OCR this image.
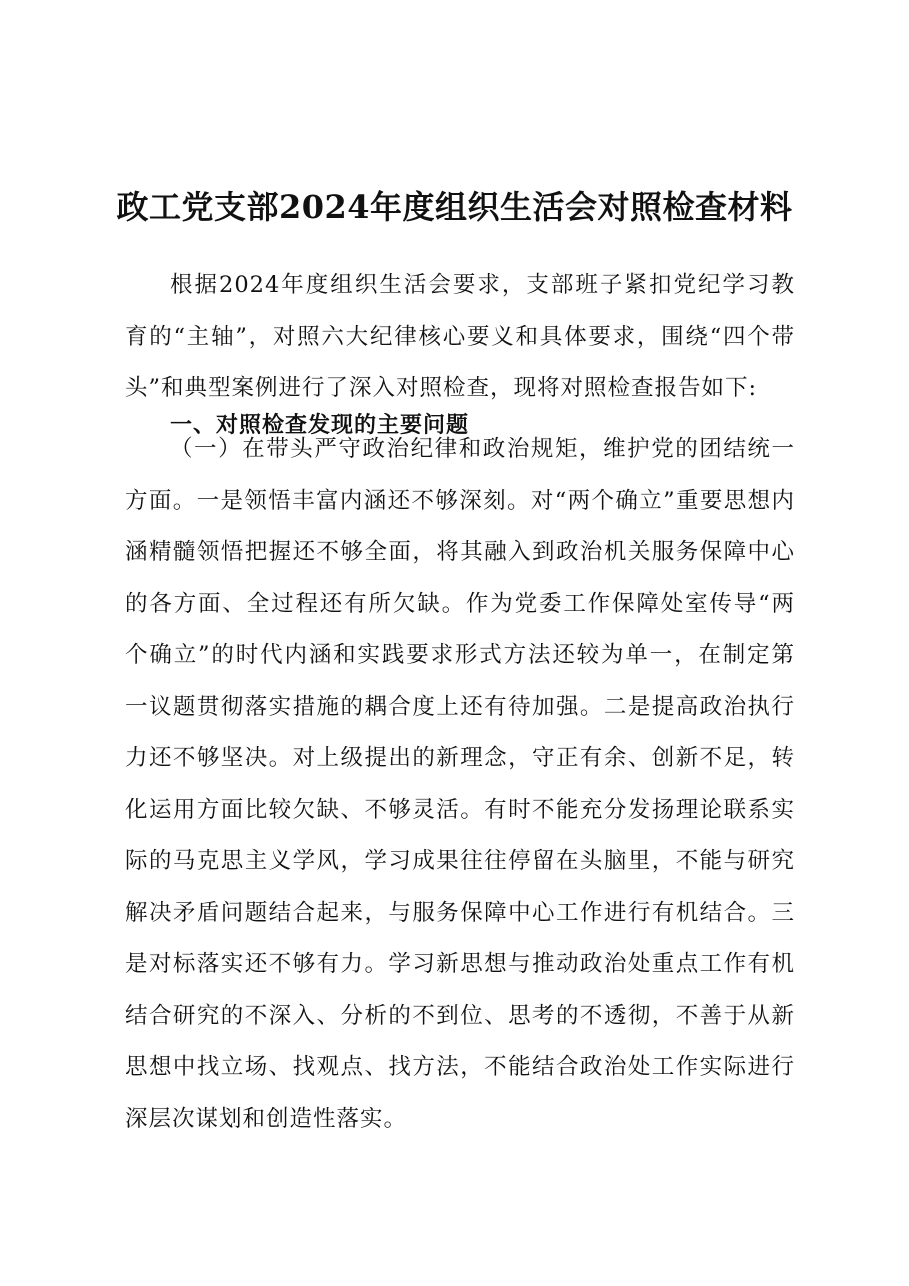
政工党支部2024年度组织生活会对照检查材料

根据2024年度组织生活会要求，支部班子紧扣党纪学习教育的“主轴”，对照六大纪律核心要义和具体要求，围绕“四个带头”和典型案例进行了深入对照检查，现将对照检查报告如下:

一、对照检查发现的主要问题

（一）在带头严守政治纪律和政治规矩，维护党的团结统一方面。一是领悟丰富内涵还不够深刻。对“两个确立”重要思想内涵精髓领悟把握还不够全面，将其融入到政治机关服务保障中心的各方面、全过程还有所欠缺。作为党委工作保障处室传导“两个确立”的时代内涵和实践要求形式方法还较为单一，在制定第一议题贯彻落实措施的耦合度上还有待加强。二是提高政治执行力还不够坚决。对上级提出的新理念，守正有余、创新不足，转化运用方面比较欠缺、不够灵活。有时不能充分发扬理论联系实际的马克思主义学风，学习成果往往停留在头脑里，不能与研究解决矛盾问题结合起来，与服务保障中心工作进行有机结合。三是对标落实还不够有力。学习新思想与推动政治处重点工作有机结合研究的不深入、分析的不到位、思考的不透彻，不善于从新思想中找立场、找观点、找方法，不能结合政治处工作实际进行深层次谋划和创造性落实。
